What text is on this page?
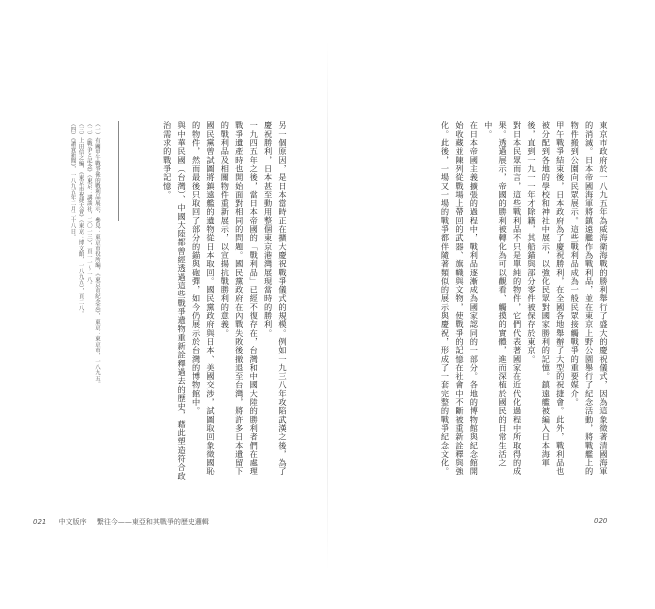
東京市政府於一八九五年為威海衛海戰的勝利舉行了盛大的慶祝儀式，因為這象徵著清國海軍的消滅。日本帝國海軍將鎮遠艦作為戰利品，並在東京上野公園舉行了紀念活動，將戰艦上的物件搬到公園向民眾展示。這些戰利品成為一般民眾接觸戰爭的重要媒介。

甲午戰爭結束後，日本政府為了慶祝勝利，在全國各地舉辦了大型的祝捷會。此外，戰利品也被分配到各地的學校和神社中展示，以強化民眾對國家勝利的記憶。鎮遠艦被編入日本海軍後，直到一九一一年才除籍，其船錨與部分零件被保存於東京。

對日本民眾而言，這些戰利品不只是單純的物件，它們代表著國家在近代化過程中所取得的成果。透過展示，帝國的勝利被轉化為可以觀看、觸摸的實體，進而深植於國民的日常生活之中。

在日本帝國主義擴張的過程中，戰利品逐漸成為國家認同的一部分。各地的博物館與紀念館開始收藏並陳列從戰場上帶回的武器、旗幟與文物，使戰爭的記憶在社會中不斷被重新詮釋與強化。此後，一場又一場的戰爭都伴隨著類似的展示與慶祝，形成了一套完整的戰爭紀念文化。

另一個原因，是日本當時正在擴大慶祝戰爭儀式的規模。例如一九三八年攻陷武漢之後，為了慶祝勝利，日本甚至動用整個東京港灣展現當時的勝利。

一九四五年之後，當日本帝國的「戰利品」已經不復存在，台灣和中國大陸的勝利者們在處理戰爭遺產時也開始面對相同的問題。國民黨政府在內戰失敗後撤退至台灣，將許多日本遺留下的戰利品及相關物件重新展示，以宣揚抗戰勝利的意義。

國民黨曾試圖將鎮遠艦的遺物從日本取回。國民黨政府與日本、美國交涉，試圖取回象徵國恥的物件，然而最後只取回了部分的錨與砲彈，如今仍展示於台灣的博物館中。

與中華民國（台灣）、中國大陸都曾經透過這些戰爭遺物重新詮釋過去的歷史，藉此塑造符合政治需求的戰爭記憶。

（一）有關甲午戰爭後的戰利品展示，參見：東京市役所編，《東京市紀念志》，東京：東京市，一八九五。

（二）《戰争と記念》（東京：講談社，二〇一三），頁一一～一八。

（三）上田信之編，《東京市祝捷大會》（東京：博文館，一八九五），頁二八。

（四）《讀賣新聞》，一八九五年二月二十八日。

021 中文版序 繫往今——東亞和其戰爭的歷史邏輯	020
